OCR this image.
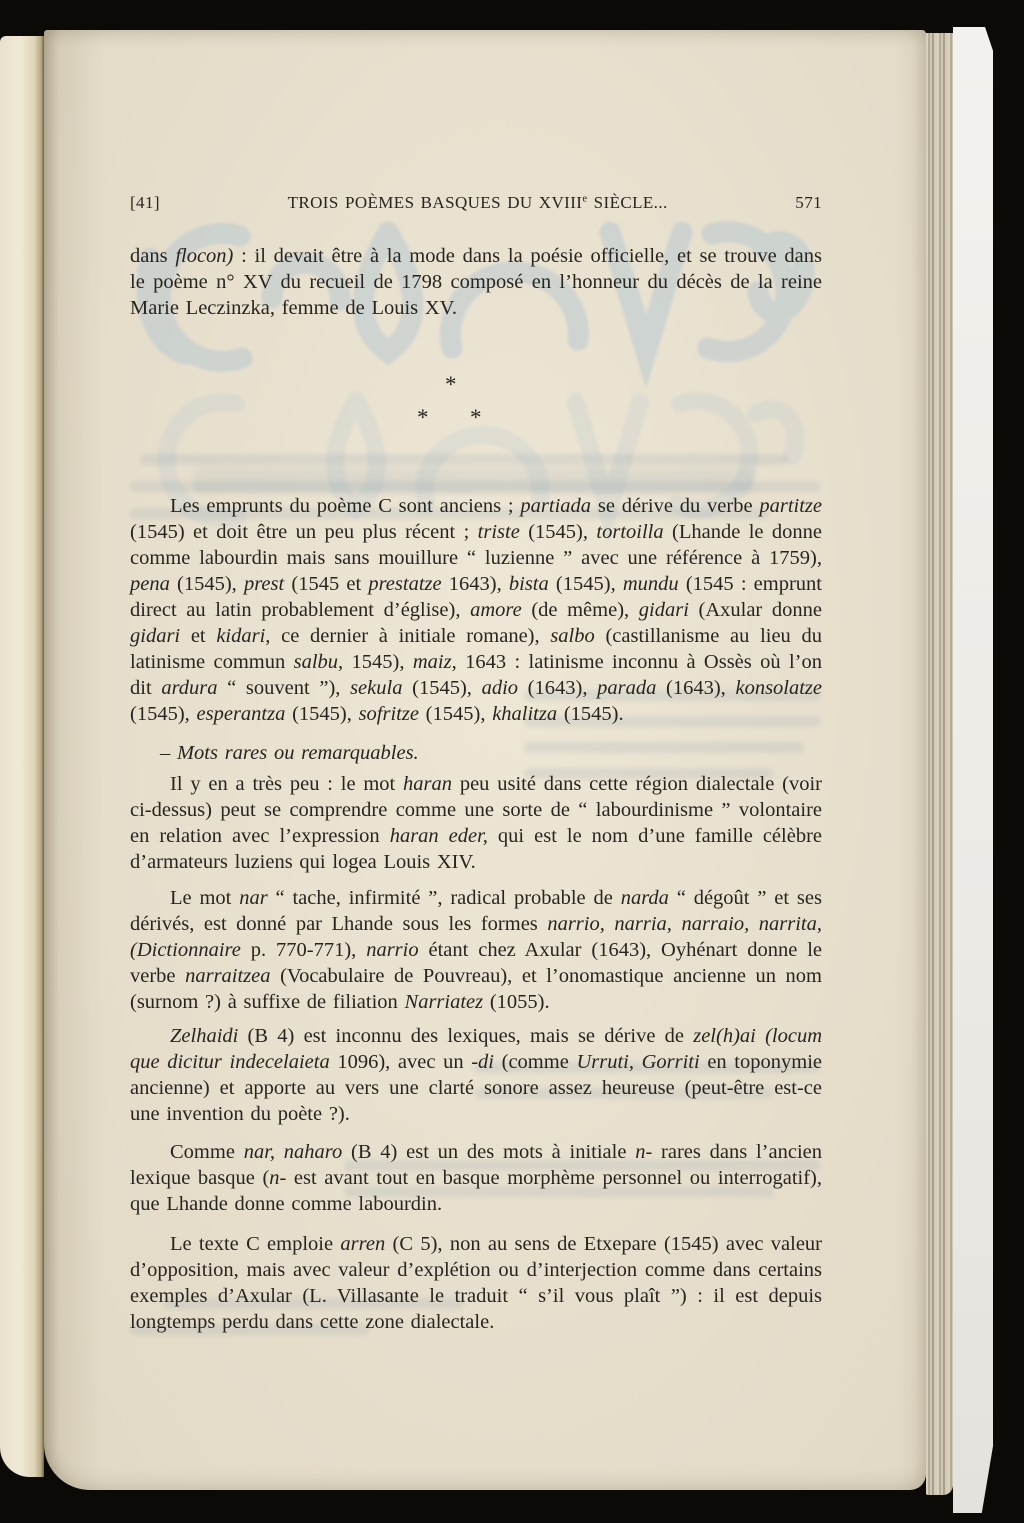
[41]	TROIS POÈMES BASQUES DU XVIIIe SIÈCLE...	571

dans flocon) : il devait être à la mode dans la poésie officielle, et se trouve dans le poème n° XV du recueil de 1798 composé en l’honneur du décès de la reine Marie Leczinzka, femme de Louis XV.

*
* *

Les emprunts du poème C sont anciens ; partiada se dérive du verbe partitze (1545) et doit être un peu plus récent ; triste (1545), tortoilla (Lhande le donne comme labourdin mais sans mouillure “ luzienne ” avec une référence à 1759), pena (1545), prest (1545 et prestatze 1643), bista (1545), mundu (1545 : emprunt direct au latin probablement d’église), amore (de même), gidari (Axular donne gidari et kidari, ce dernier à initiale romane), salbo (castillanisme au lieu du latinisme commun salbu, 1545), maiz, 1643 : latinisme inconnu à Ossès où l’on dit ardura “ souvent ”), sekula (1545), adio (1643), parada (1643), konsolatze (1545), esperantza (1545), sofritze (1545), khalitza (1545).

– Mots rares ou remarquables.

Il y en a très peu : le mot haran peu usité dans cette région dialectale (voir ci-dessus) peut se comprendre comme une sorte de “ labourdinisme ” volontaire en relation avec l’expression haran eder, qui est le nom d’une famille célèbre d’armateurs luziens qui logea Louis XIV.

Le mot nar “ tache, infirmité ”, radical probable de narda “ dégoût ” et ses dérivés, est donné par Lhande sous les formes narrio, narria, narraio, narrita, (Dictionnaire p. 770-771), narrio étant chez Axular (1643), Oyhénart donne le verbe narraitzea (Vocabulaire de Pouvreau), et l’onomastique ancienne un nom (surnom ?) à suffixe de filiation Narriatez (1055).

Zelhaidi (B 4) est inconnu des lexiques, mais se dérive de zel(h)ai (locum que dicitur indecelaieta 1096), avec un -di (comme Urruti, Gorriti en toponymie ancienne) et apporte au vers une clarté sonore assez heureuse (peut-être est-ce une invention du poète ?).

Comme nar, naharo (B 4) est un des mots à initiale n- rares dans l’ancien lexique basque (n- est avant tout en basque morphème personnel ou interrogatif), que Lhande donne comme labourdin.

Le texte C emploie arren (C 5), non au sens de Etxepare (1545) avec valeur d’opposition, mais avec valeur d’explétion ou d’interjection comme dans certains exemples d’Axular (L. Villasante le traduit “ s’il vous plaît ”) : il est depuis longtemps perdu dans cette zone dialectale.
